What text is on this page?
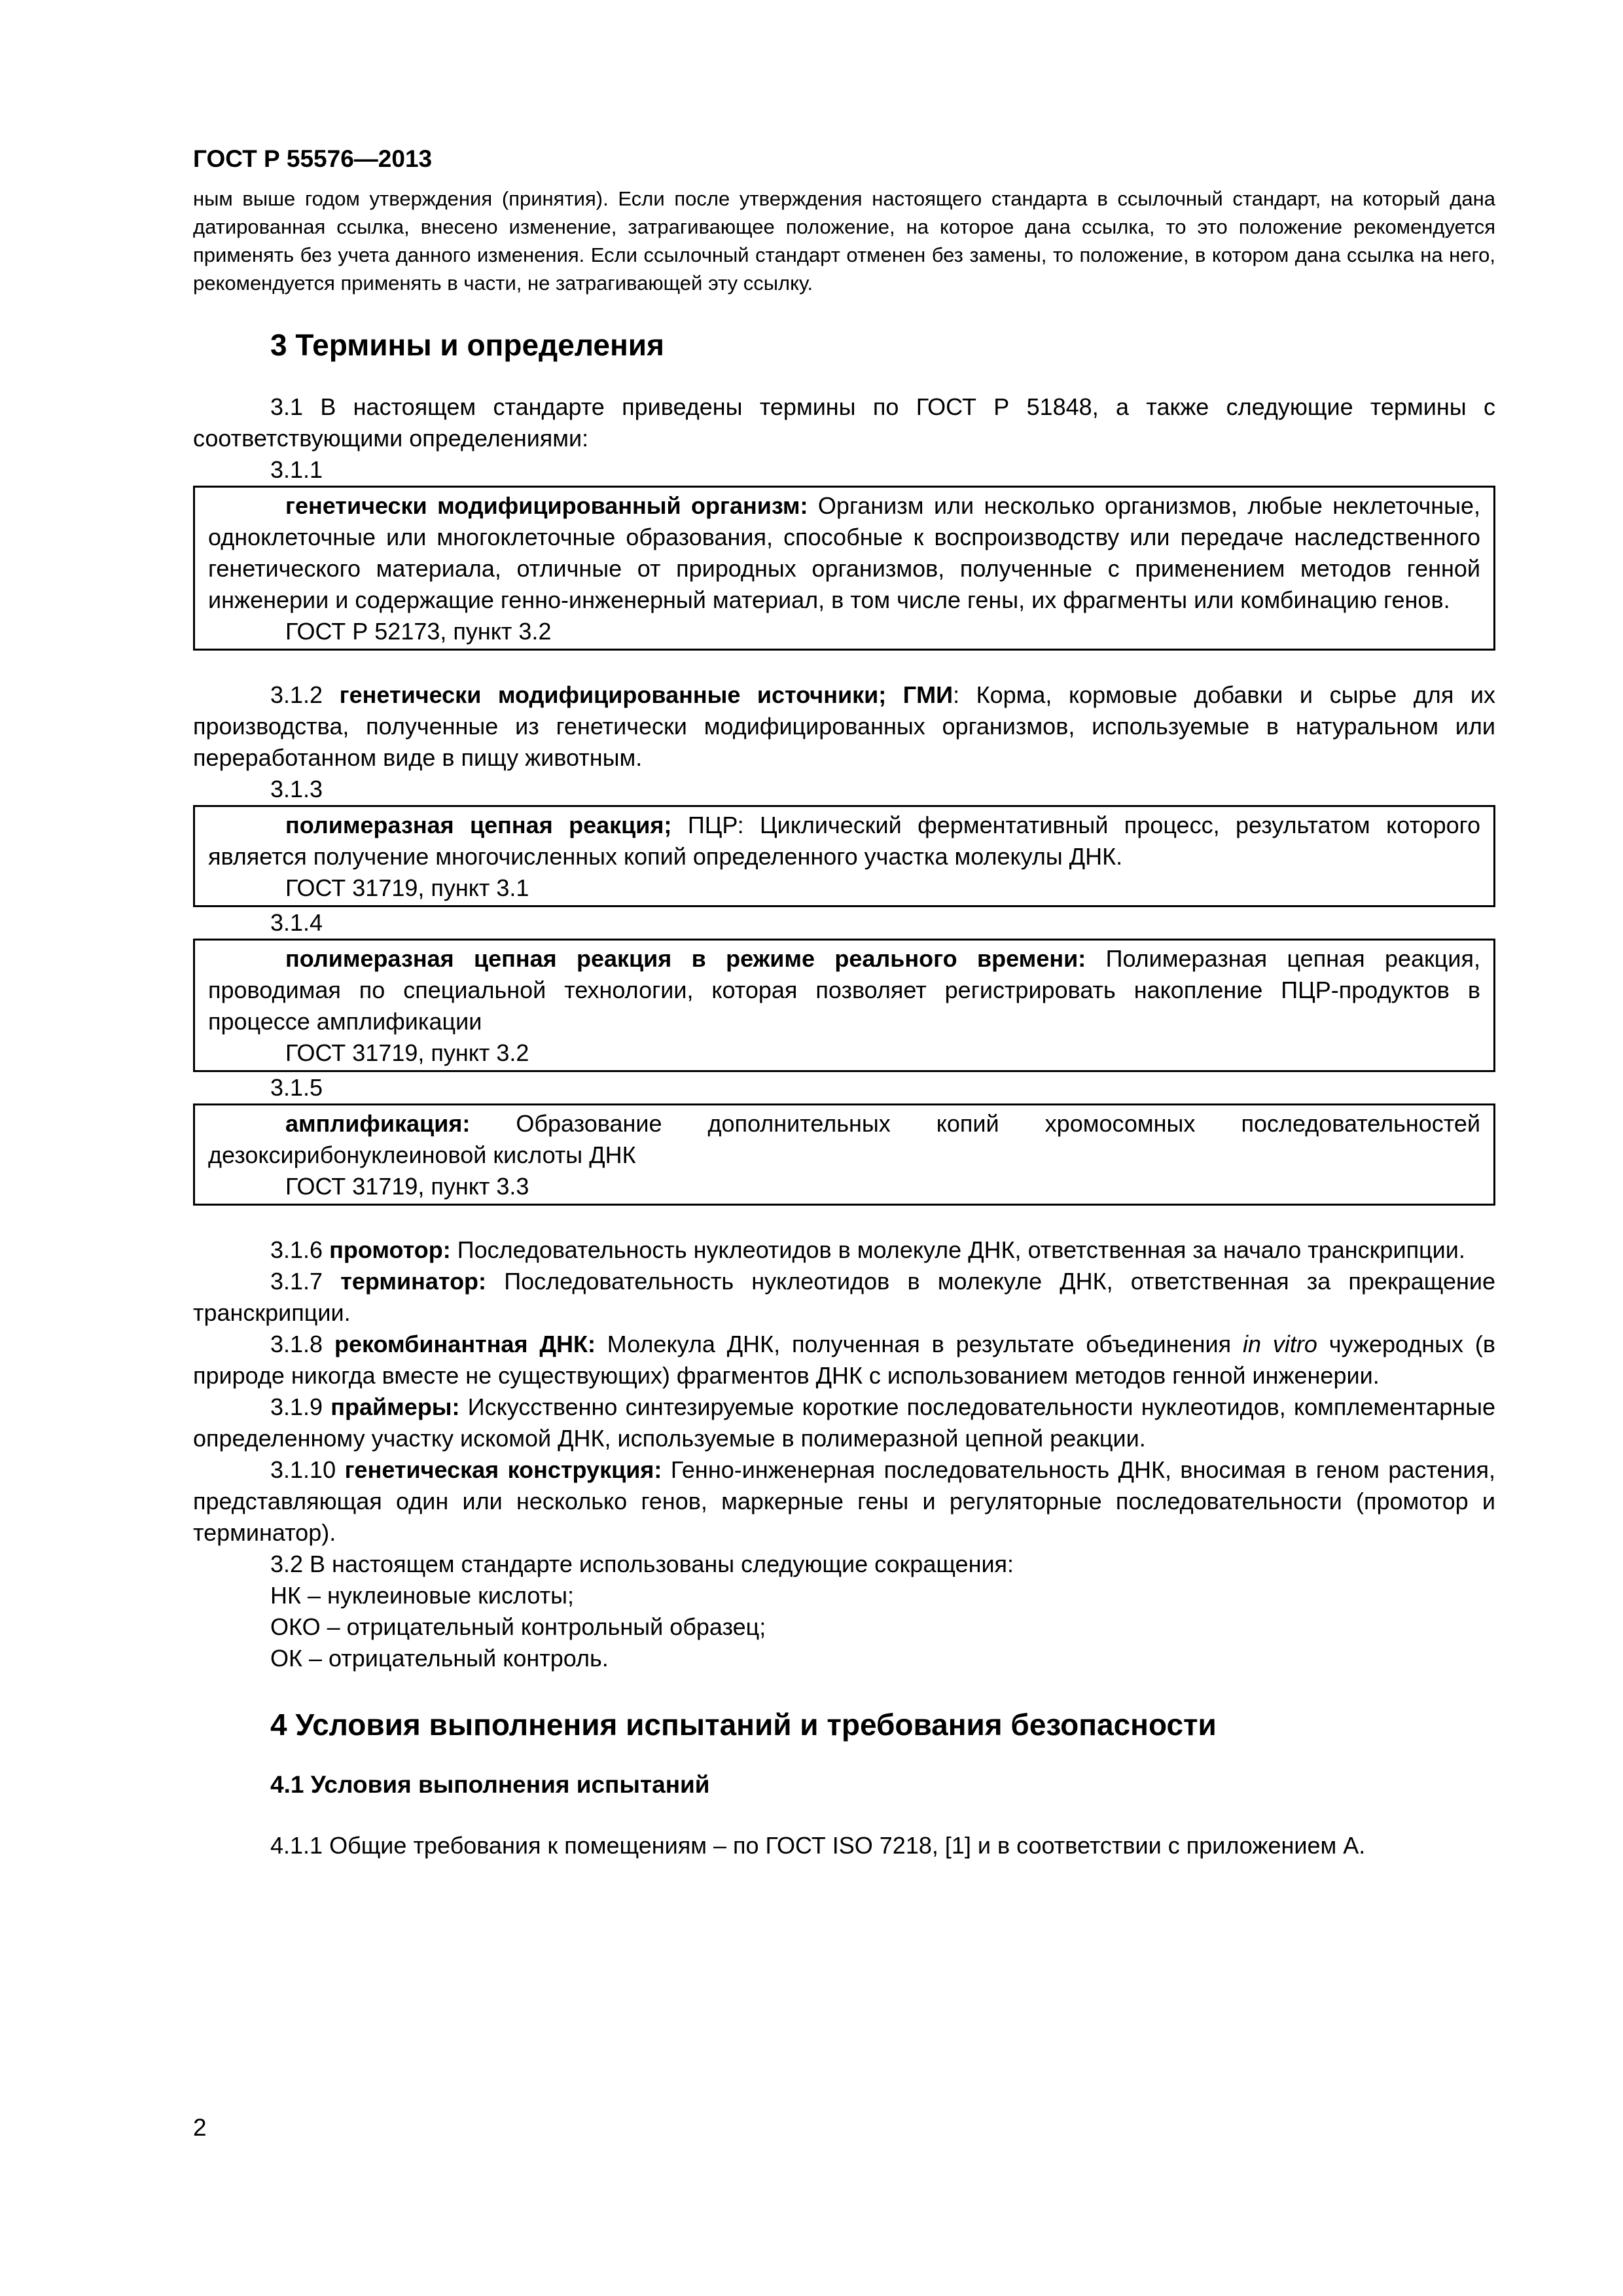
ГОСТ Р 55576—2013

ным выше годом утверждения (принятия). Если после утверждения настоящего стандарта в ссылочный стандарт, на который дана датированная ссылка, внесено изменение, затрагивающее положение, на которое дана ссылка, то это положение рекомендуется применять без учета данного изменения. Если ссылочный стандарт отменен без замены, то положение, в котором дана ссылка на него, рекомендуется применять в части, не затрагивающей эту ссылку.

3 Термины и определения

3.1 В настоящем стандарте приведены термины по ГОСТ Р 51848, а также следующие термины с соответствующими определениями:

3.1.1

генетически модифицированный организм: Организм или несколько организмов, любые неклеточные, одноклеточные или многоклеточные образования, способные к воспроизводству или передаче наследственного генетического материала, отличные от природных организмов, полученные с применением методов генной инженерии и содержащие генно-инженерный материал, в том числе гены, их фрагменты или комбинацию генов.

ГОСТ Р 52173, пункт 3.2

3.1.2 генетически модифицированные источники; ГМИ: Корма, кормовые добавки и сырье для их производства, полученные из генетически модифицированных организмов, используемые в натуральном или переработанном виде в пищу животным.

3.1.3

полимеразная цепная реакция; ПЦР: Циклический ферментативный процесс, результатом которого является получение многочисленных копий определенного участка молекулы ДНК.

ГОСТ 31719, пункт 3.1

3.1.4

полимеразная цепная реакция в режиме реального времени: Полимеразная цепная реакция, проводимая по специальной технологии, которая позволяет регистрировать накопление ПЦР-продуктов в процессе амплификации

ГОСТ 31719, пункт 3.2

3.1.5

амплификация: Образование дополнительных копий хромосомных последовательностей дезоксирибонуклеиновой кислоты ДНК

ГОСТ 31719, пункт 3.3

3.1.6 промотор: Последовательность нуклеотидов в молекуле ДНК, ответственная за начало транскрипции.

3.1.7 терминатор: Последовательность нуклеотидов в молекуле ДНК, ответственная за прекращение транскрипции.

3.1.8 рекомбинантная ДНК: Молекула ДНК, полученная в результате объединения in vitro чужеродных (в природе никогда вместе не существующих) фрагментов ДНК с использованием методов генной инженерии.

3.1.9 праймеры: Искусственно синтезируемые короткие последовательности нуклеотидов, комплементарные определенному участку искомой ДНК, используемые в полимеразной цепной реакции.

3.1.10 генетическая конструкция: Генно-инженерная последовательность ДНК, вносимая в геном растения, представляющая один или несколько генов, маркерные гены и регуляторные последовательности (промотор и терминатор).

3.2 В настоящем стандарте использованы следующие сокращения:

НК – нуклеиновые кислоты;

ОКО – отрицательный контрольный образец;

ОК – отрицательный контроль.

4 Условия выполнения испытаний и требования безопасности
4.1 Условия выполнения испытаний

4.1.1 Общие требования к помещениям – по ГОСТ ISO 7218, [1] и в соответствии с приложением А.

2
